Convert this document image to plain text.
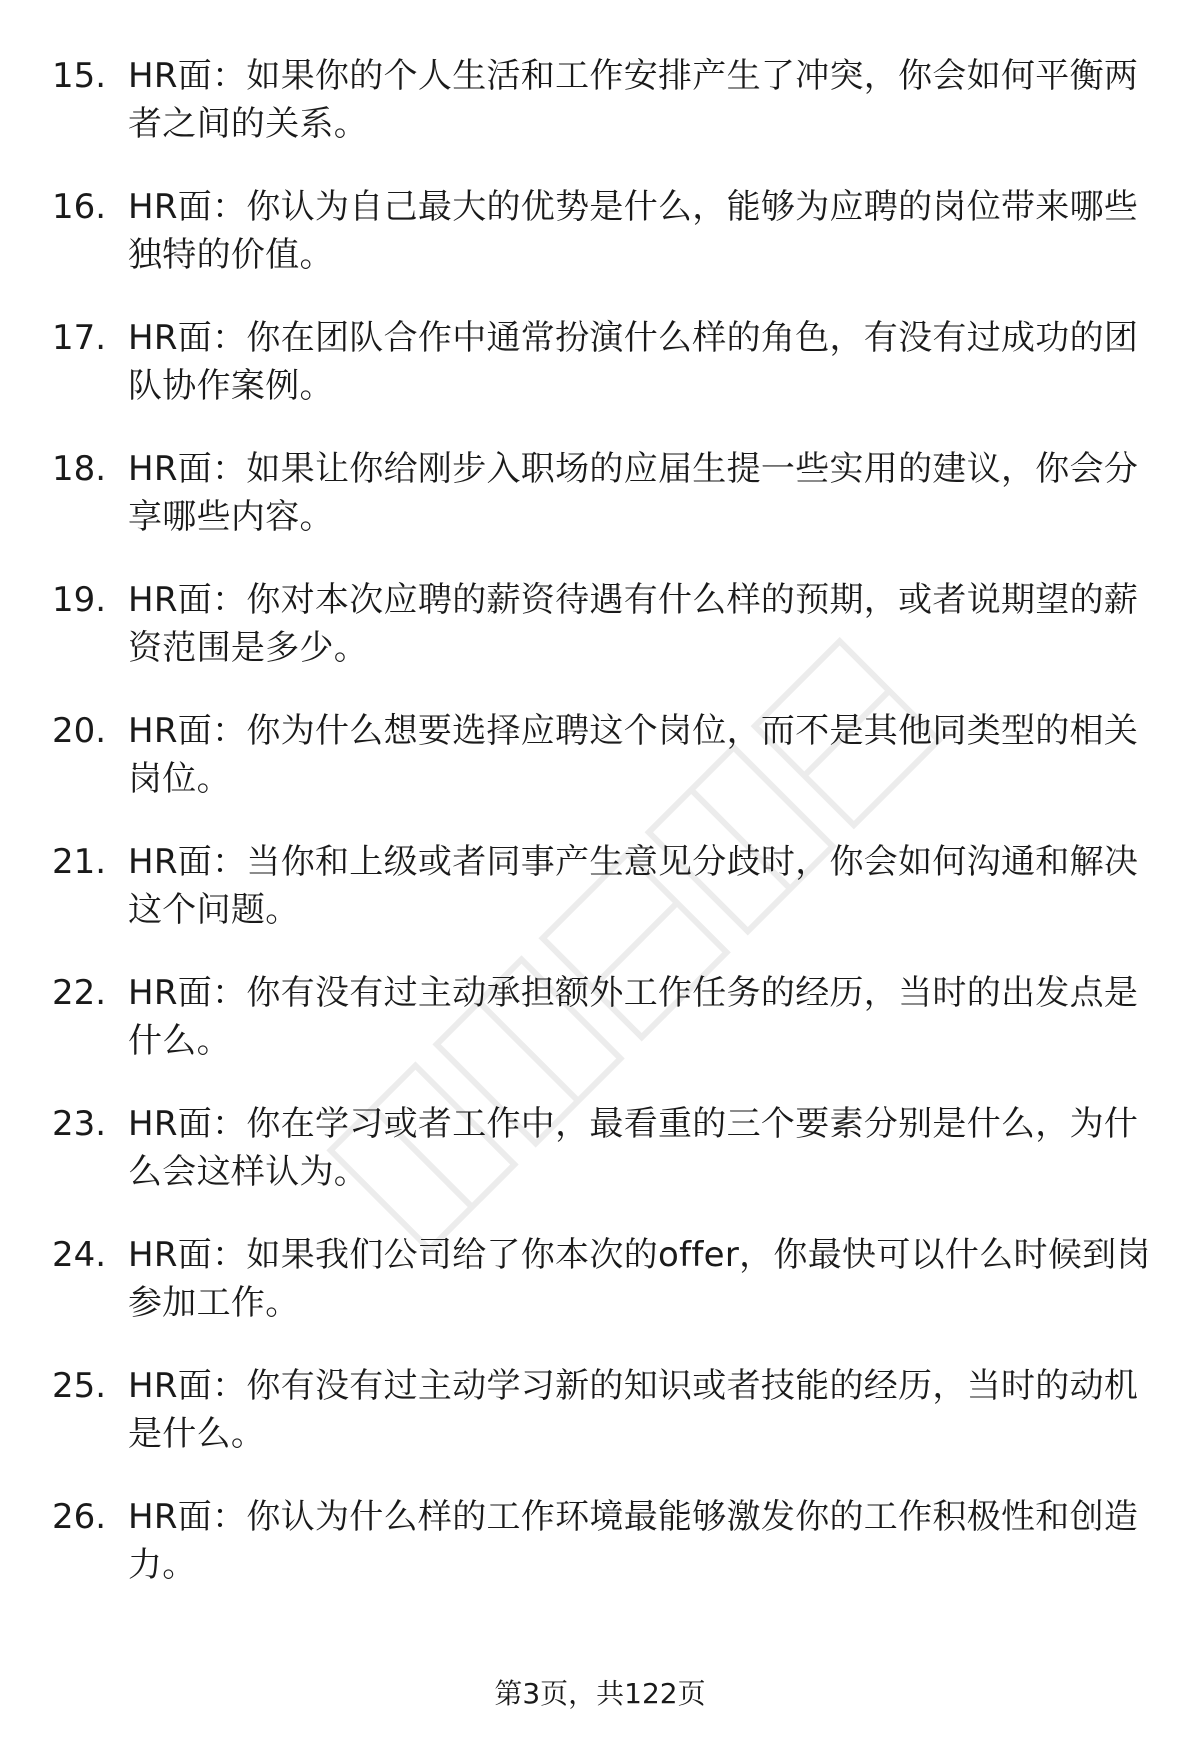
15. HR面：如果你的个人生活和工作安排产生了冲突，你会如何平衡两者之间的关系。
16. HR面：你认为自己最大的优势是什么，能够为应聘的岗位带来哪些独特的价值。
17. HR面：你在团队合作中通常扮演什么样的角色，有没有过成功的团队协作案例。
18. HR面：如果让你给刚步入职场的应届生提一些实用的建议，你会分享哪些内容。
19. HR面：你对本次应聘的薪资待遇有什么样的预期，或者说期望的薪资范围是多少。
20. HR面：你为什么想要选择应聘这个岗位，而不是其他同类型的相关岗位。
21. HR面：当你和上级或者同事产生意见分歧时，你会如何沟通和解决这个问题。
22. HR面：你有没有过主动承担额外工作任务的经历，当时的出发点是什么。
23. HR面：你在学习或者工作中，最看重的三个要素分别是什么，为什么会这样认为。
24. HR面：如果我们公司给了你本次的offer，你最快可以什么时候到岗参加工作。
25. HR面：你有没有过主动学习新的知识或者技能的经历，当时的动机是什么。
26. HR面：你认为什么样的工作环境最能够激发你的工作积极性和创造力。
第3页，共122页
